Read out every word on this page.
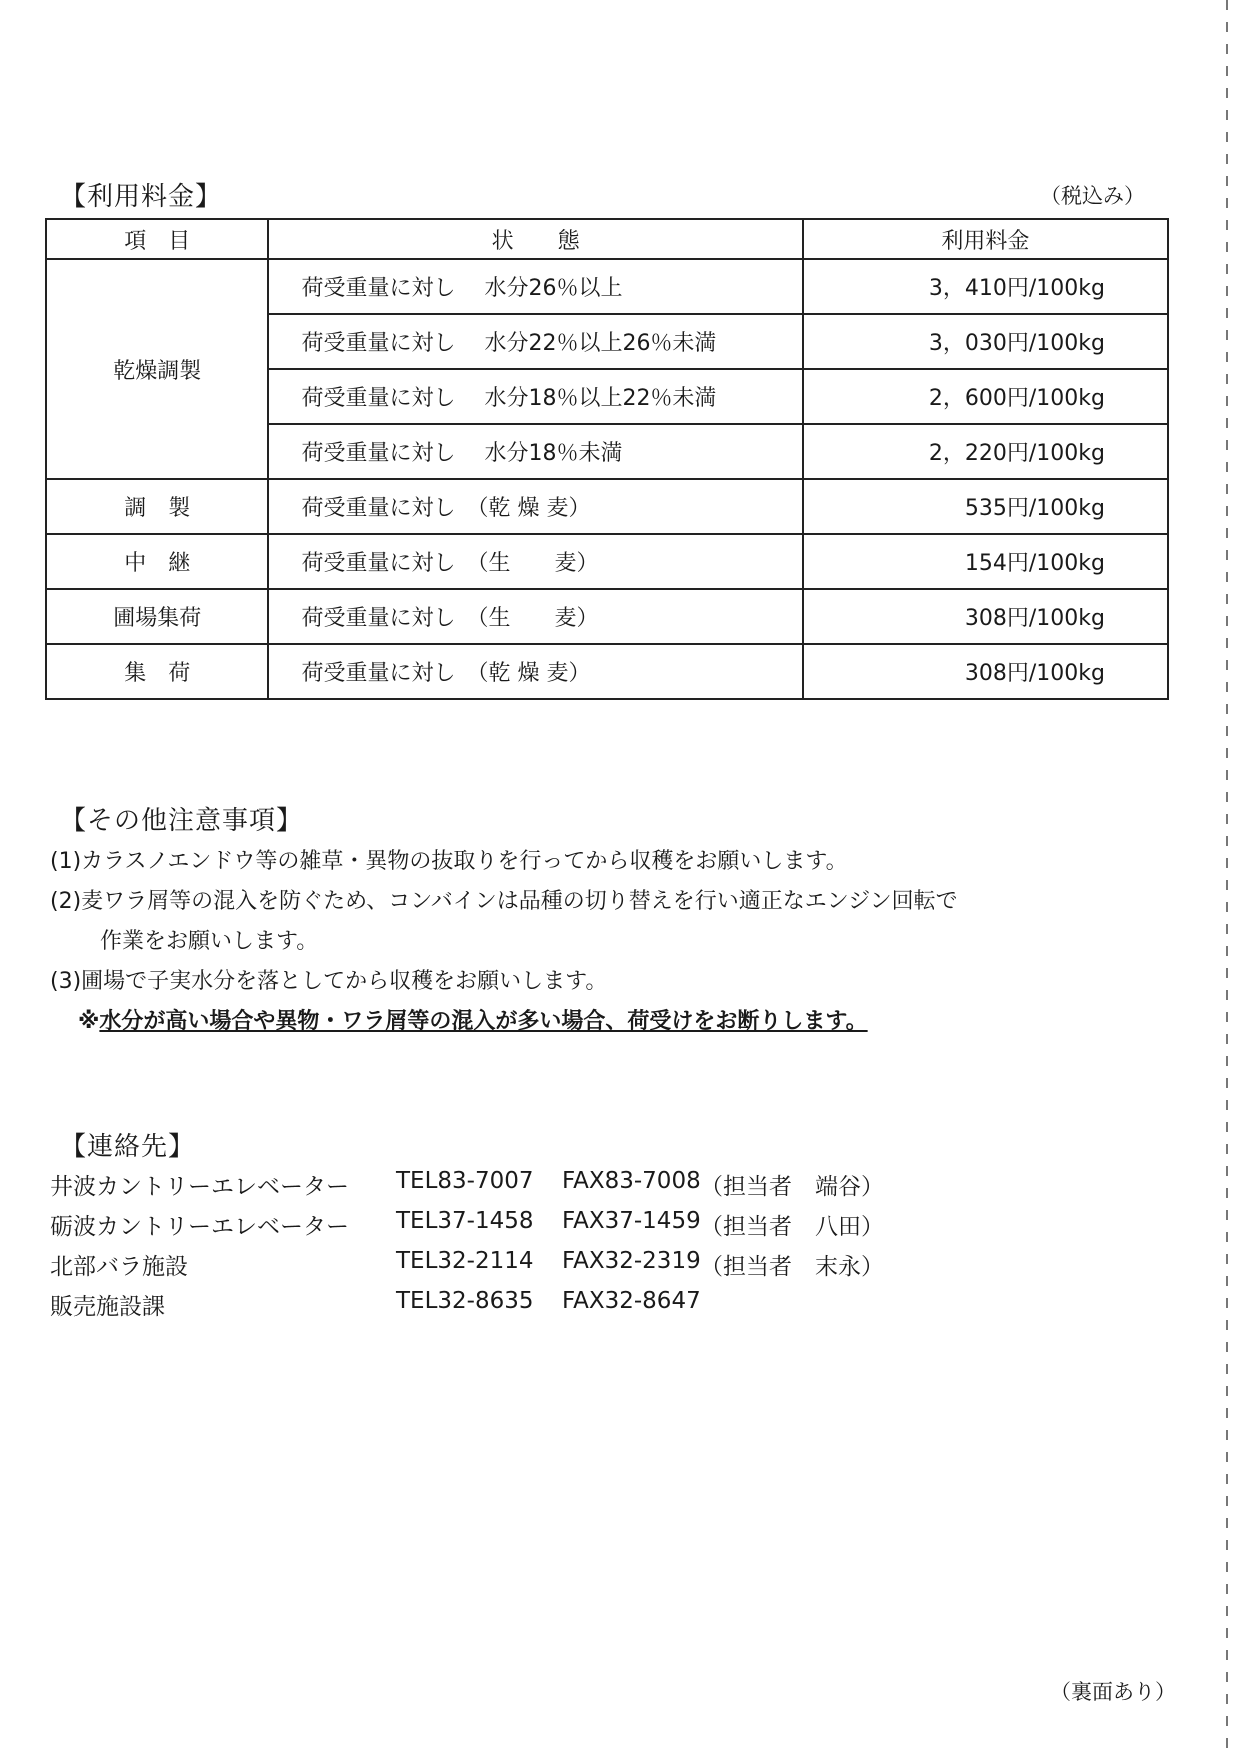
【利用料金】	（税込み）
項　目	状　　態	利用料金
乾燥調製	荷受重量に対し　 水分26％以上	3，410円/100kg
	荷受重量に対し　 水分22％以上26％未満	3，030円/100kg
	荷受重量に対し　 水分18％以上22％未満	2，600円/100kg
	荷受重量に対し　 水分18％未満	2，220円/100kg
調　製	荷受重量に対し　（乾 燥 麦）	535円/100kg
中　継	荷受重量に対し　（生　　麦）	154円/100kg
圃場集荷	荷受重量に対し　（生　　麦）	308円/100kg
集　荷	荷受重量に対し　（乾 燥 麦）	308円/100kg
【その他注意事項】
(1)カラスノエンドウ等の雑草・異物の抜取りを行ってから収穫をお願いします。
(2)麦ワラ屑等の混入を防ぐため、コンバインは品種の切り替えを行い適正なエンジン回転で
作業をお願いします。
(3)圃場で子実水分を落としてから収穫をお願いします。
※水分が高い場合や異物・ワラ屑等の混入が多い場合、荷受けをお断りします。
【連絡先】
井波カントリーエレベーター TEL83-7007 FAX83-7008 （担当者　端谷）
砺波カントリーエレベーター TEL37-1458 FAX37-1459 （担当者　八田）
北部バラ施設	TEL32-2114 FAX32-2319 （担当者　末永）
販売施設課	TEL32-8635 FAX32-8647
（裏面あり）
